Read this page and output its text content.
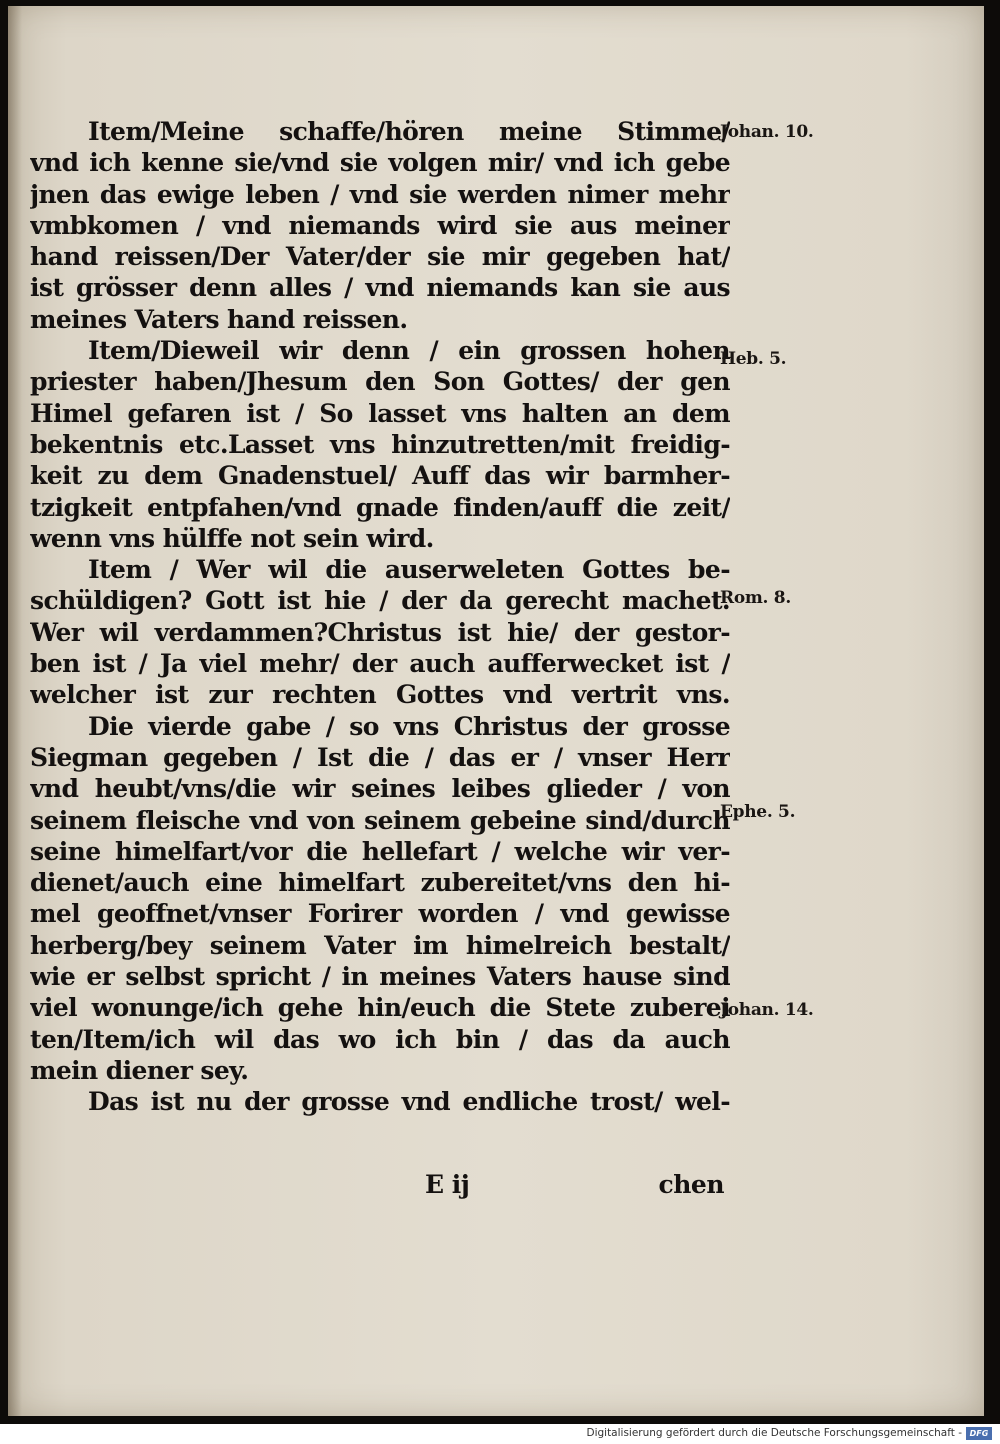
Item/Meine schaffe/hören meine Stimme/
vnd ich kenne sie/vnd sie volgen mir/ vnd ich gebe
jnen das ewige leben / vnd sie werden nimer mehr
vmbkomen / vnd niemands wird sie aus meiner
hand reissen/Der Vater/der sie mir gegeben hat/
ist grösser denn alles / vnd niemands kan sie aus
meines Vaters hand reissen.
Item/Dieweil wir denn / ein grossen hohen
priester haben/Jhesum den Son Gottes/ der gen
Himel gefaren ist / So lasset vns halten an dem
bekentnis etc.Lasset vns hinzutretten/mit freidig-
keit zu dem Gnadenstuel/ Auff das wir barmher-
tzigkeit entpfahen/vnd gnade finden/auff die zeit/
wenn vns hülffe not sein wird.
Item / Wer wil die auserweleten Gottes be-
schüldigen? Gott ist hie / der da gerecht machet.
Wer wil verdammen?Christus ist hie/ der gestor-
ben ist / Ja viel mehr/ der auch aufferwecket ist /
welcher ist zur rechten Gottes vnd vertrit vns.
Die vierde gabe / so vns Christus der grosse
Siegman gegeben / Ist die / das er / vnser Herr
vnd heubt/vns/die wir seines leibes glieder / von
seinem fleische vnd von seinem gebeine sind/durch
seine himelfart/vor die hellefart / welche wir ver-
dienet/auch eine himelfart zubereitet/vns den hi-
mel geoffnet/vnser Forirer worden / vnd gewisse
herberg/bey seinem Vater im himelreich bestalt/
wie er selbst spricht / in meines Vaters hause sind
viel wonunge/ich gehe hin/euch die Stete zuberei
ten/Item/ich wil das wo ich bin / das da auch
mein diener sey.
Das ist nu der grosse vnd endliche trost/ wel-
Johan. 10.
Heb. 5.
Rom. 8.
Ephe. 5.
Johan. 14.
E ij	chen
Digitalisierung gefördert durch die Deutsche Forschungsgemeinschaft - DFG
